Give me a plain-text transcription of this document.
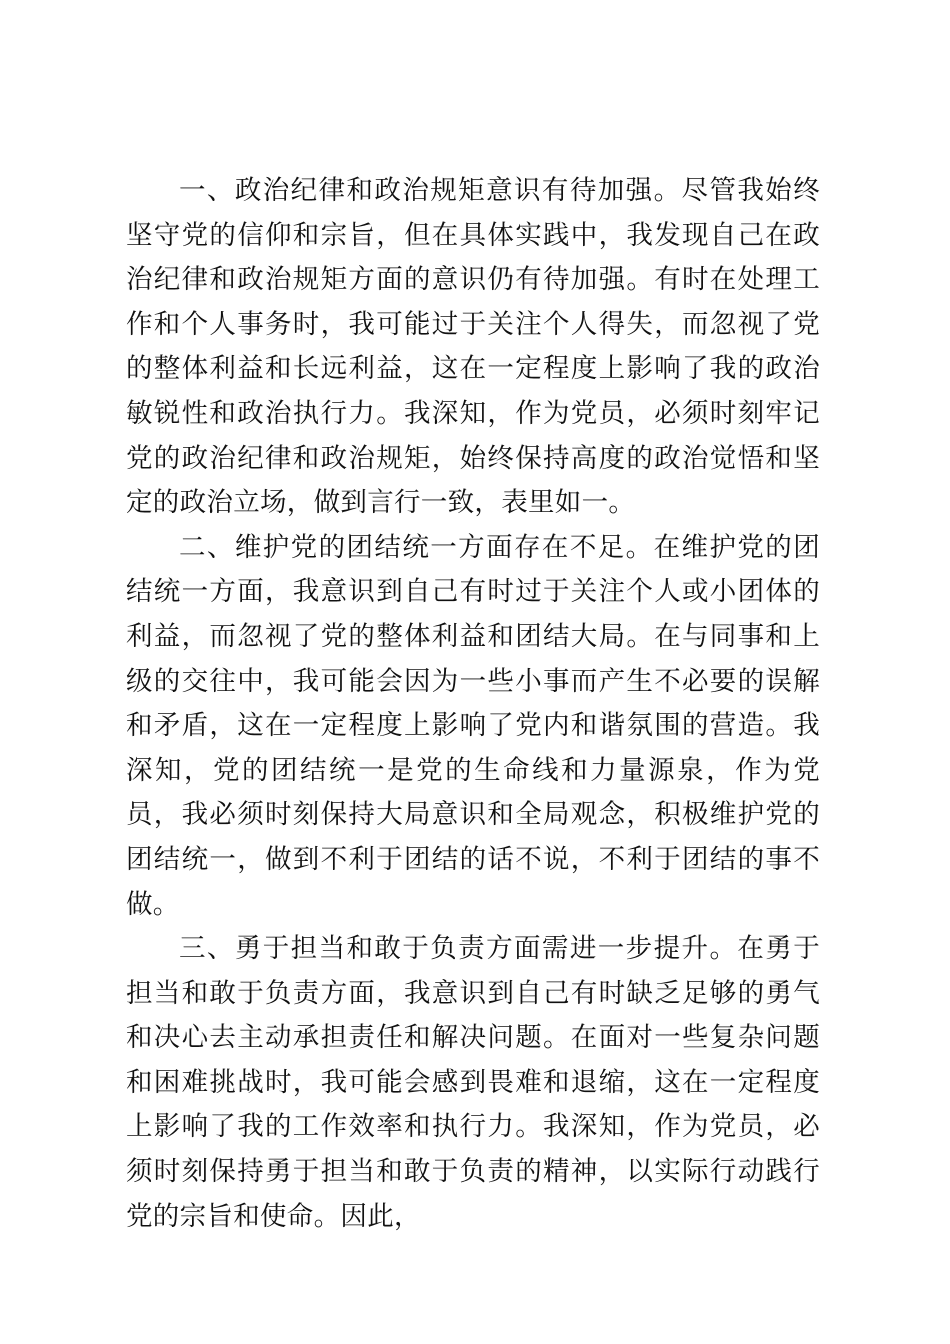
一、政治纪律和政治规矩意识有待加强。尽管我始终坚守党的信仰和宗旨，但在具体实践中，我发现自己在政治纪律和政治规矩方面的意识仍有待加强。有时在处理工作和个人事务时，我可能过于关注个人得失，而忽视了党的整体利益和长远利益，这在一定程度上影响了我的政治敏锐性和政治执行力。我深知，作为党员，必须时刻牢记党的政治纪律和政治规矩，始终保持高度的政治觉悟和坚定的政治立场，做到言行一致，表里如一。

二、维护党的团结统一方面存在不足。在维护党的团结统一方面，我意识到自己有时过于关注个人或小团体的利益，而忽视了党的整体利益和团结大局。在与同事和上级的交往中，我可能会因为一些小事而产生不必要的误解和矛盾，这在一定程度上影响了党内和谐氛围的营造。我深知，党的团结统一是党的生命线和力量源泉，作为党员，我必须时刻保持大局意识和全局观念，积极维护党的团结统一，做到不利于团结的话不说，不利于团结的事不做。

三、勇于担当和敢于负责方面需进一步提升。在勇于担当和敢于负责方面，我意识到自己有时缺乏足够的勇气和决心去主动承担责任和解决问题。在面对一些复杂问题和困难挑战时，我可能会感到畏难和退缩，这在一定程度上影响了我的工作效率和执行力。我深知，作为党员，必须时刻保持勇于担当和敢于负责的精神，以实际行动践行党的宗旨和使命。因此，
